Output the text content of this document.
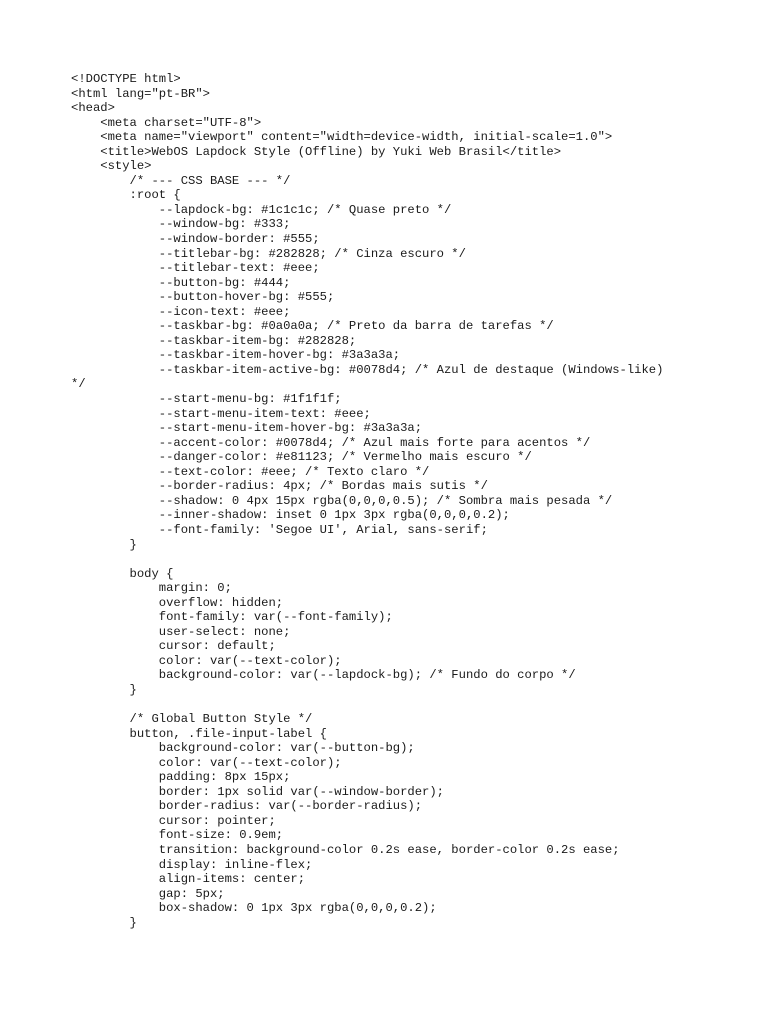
<!DOCTYPE html>
<html lang="pt-BR">
<head>
<meta charset="UTF-8">
<meta name="viewport" content="width=device-width, initial-scale=1.0">
<title>WebOS Lapdock Style (Offline) by Yuki Web Brasil</title>
<style>
/* --- CSS BASE --- */
:root {
--lapdock-bg: #1c1c1c; /* Quase preto */
--window-bg: #333;
--window-border: #555;
--titlebar-bg: #282828; /* Cinza escuro */
--titlebar-text: #eee;
--button-bg: #444;
--button-hover-bg: #555;
--icon-text: #eee;
--taskbar-bg: #0a0a0a; /* Preto da barra de tarefas */
--taskbar-item-bg: #282828;
--taskbar-item-hover-bg: #3a3a3a;
--taskbar-item-active-bg: #0078d4; /* Azul de destaque (Windows-like)
*/
--start-menu-bg: #1f1f1f;
--start-menu-item-text: #eee;
--start-menu-item-hover-bg: #3a3a3a;
--accent-color: #0078d4; /* Azul mais forte para acentos */
--danger-color: #e81123; /* Vermelho mais escuro */
--text-color: #eee; /* Texto claro */
--border-radius: 4px; /* Bordas mais sutis */
--shadow: 0 4px 15px rgba(0,0,0,0.5); /* Sombra mais pesada */
--inner-shadow: inset 0 1px 3px rgba(0,0,0,0.2);
--font-family: 'Segoe UI', Arial, sans-serif;
}
body {
margin: 0;
overflow: hidden;
font-family: var(--font-family);
user-select: none;
cursor: default;
color: var(--text-color);
background-color: var(--lapdock-bg); /* Fundo do corpo */
}
/* Global Button Style */
button, .file-input-label {
background-color: var(--button-bg);
color: var(--text-color);
padding: 8px 15px;
border: 1px solid var(--window-border);
border-radius: var(--border-radius);
cursor: pointer;
font-size: 0.9em;
transition: background-color 0.2s ease, border-color 0.2s ease;
display: inline-flex;
align-items: center;
gap: 5px;
box-shadow: 0 1px 3px rgba(0,0,0,0.2);
}
